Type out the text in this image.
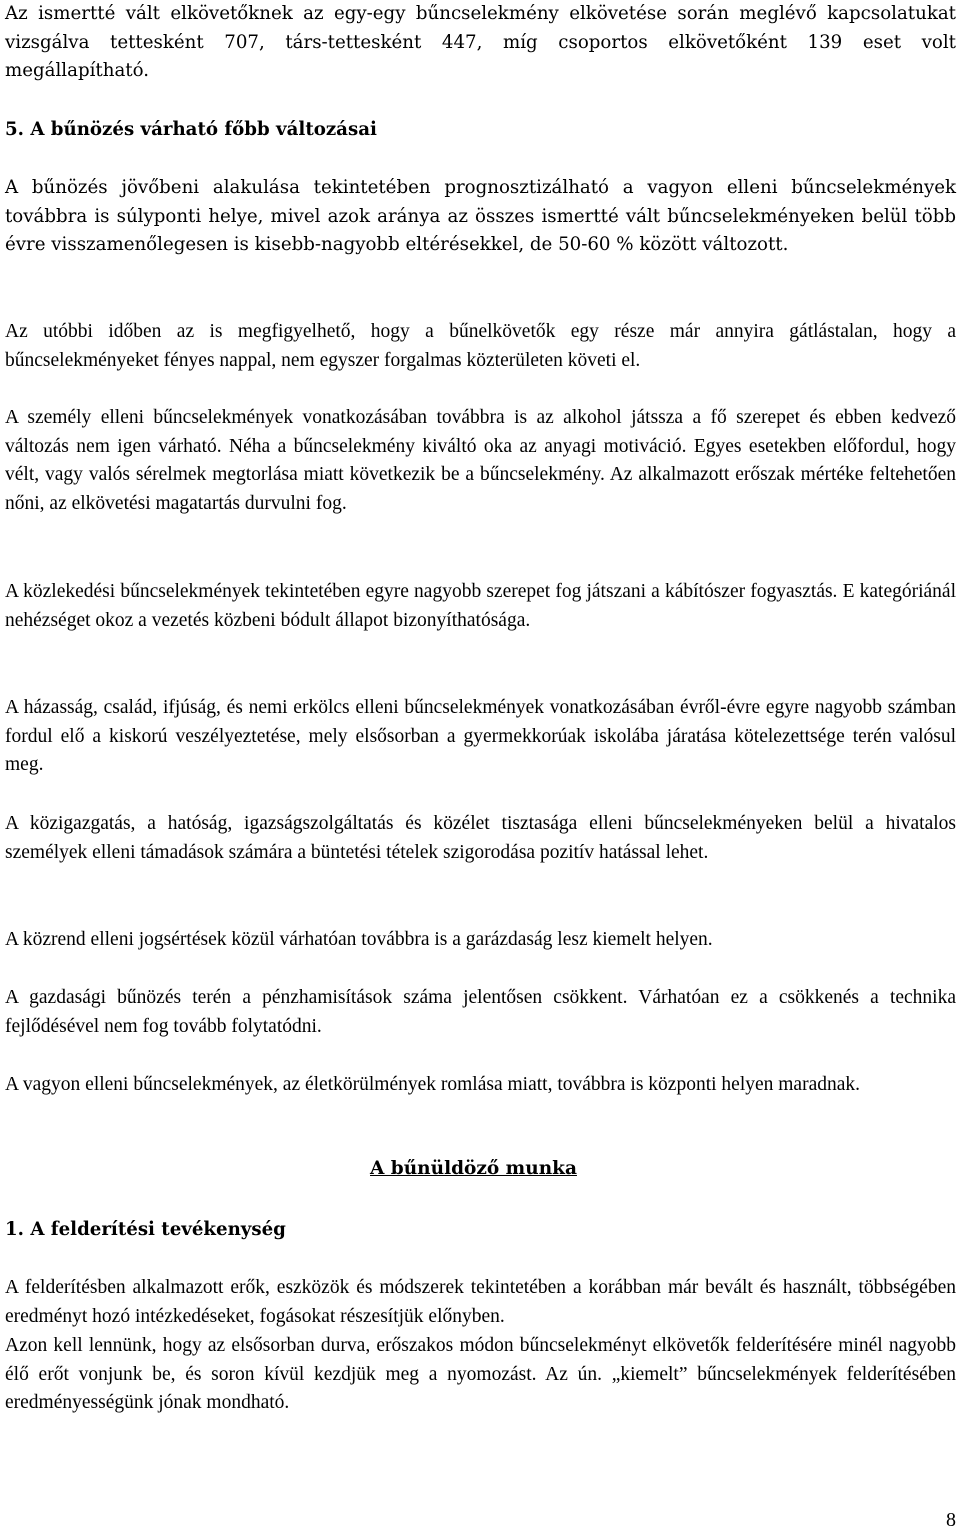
Az ismertté vált elkövetőknek az egy-egy bűncselekmény elkövetése során meglévő kapcsolatukat vizsgálva tettesként 707, társ-tettesként 447, míg csoportos elkövetőként 139 eset volt megállapítható.

5. A bűnözés várható főbb változásai

A bűnözés jövőbeni alakulása tekintetében prognosztizálható a vagyon elleni bűncselekmények továbbra is súlyponti helye, mivel azok aránya az összes ismertté vált bűncselekményeken belül több évre visszamenőlegesen is kisebb-nagyobb eltérésekkel, de 50-60 % között változott.

Az utóbbi időben az is megfigyelhető, hogy a bűnelkövetők egy része már annyira gátlástalan, hogy a bűncselekményeket fényes nappal, nem egyszer forgalmas közterületen követi el.

A személy elleni bűncselekmények vonatkozásában továbbra is az alkohol játssza a fő szerepet és ebben kedvező változás nem igen várható. Néha a bűncselekmény kiváltó oka az anyagi motiváció. Egyes esetekben előfordul, hogy vélt, vagy valós sérelmek megtorlása miatt következik be a bűncselekmény. Az alkalmazott erőszak mértéke feltehetően nőni, az elkövetési magatartás durvulni fog.

A közlekedési bűncselekmények tekintetében egyre nagyobb szerepet fog játszani a kábítószer fogyasztás. E kategóriánál nehézséget okoz a vezetés közbeni bódult állapot bizonyíthatósága.

A házasság, család, ifjúság, és nemi erkölcs elleni bűncselekmények vonatkozásában évről-évre egyre nagyobb számban fordul elő a kiskorú veszélyeztetése, mely elsősorban a gyermekkorúak iskolába járatása kötelezettsége terén valósul meg.

A közigazgatás, a hatóság, igazságszolgáltatás és közélet tisztasága elleni bűncselekményeken belül a hivatalos személyek elleni támadások számára a büntetési tételek szigorodása pozitív hatással lehet.

A közrend elleni jogsértések közül várhatóan továbbra is a garázdaság lesz kiemelt helyen.

A gazdasági bűnözés terén a pénzhamisítások száma jelentősen csökkent. Várhatóan ez a csökkenés a technika fejlődésével nem fog tovább folytatódni.

A vagyon elleni bűncselekmények, az életkörülmények romlása miatt, továbbra is központi helyen maradnak.

A bűnüldöző munka
1. A felderítési tevékenység

A felderítésben alkalmazott erők, eszközök és módszerek tekintetében a korábban már bevált és használt, többségében eredményt hozó intézkedéseket, fogásokat részesítjük előnyben.

Azon kell lennünk, hogy az elsősorban durva, erőszakos módon bűncselekményt elkövetők felderítésére minél nagyobb élő erőt vonjunk be, és soron kívül kezdjük meg a nyomozást. Az ún. „kiemelt” bűncselekmények felderítésében eredményességünk jónak mondható.

8
